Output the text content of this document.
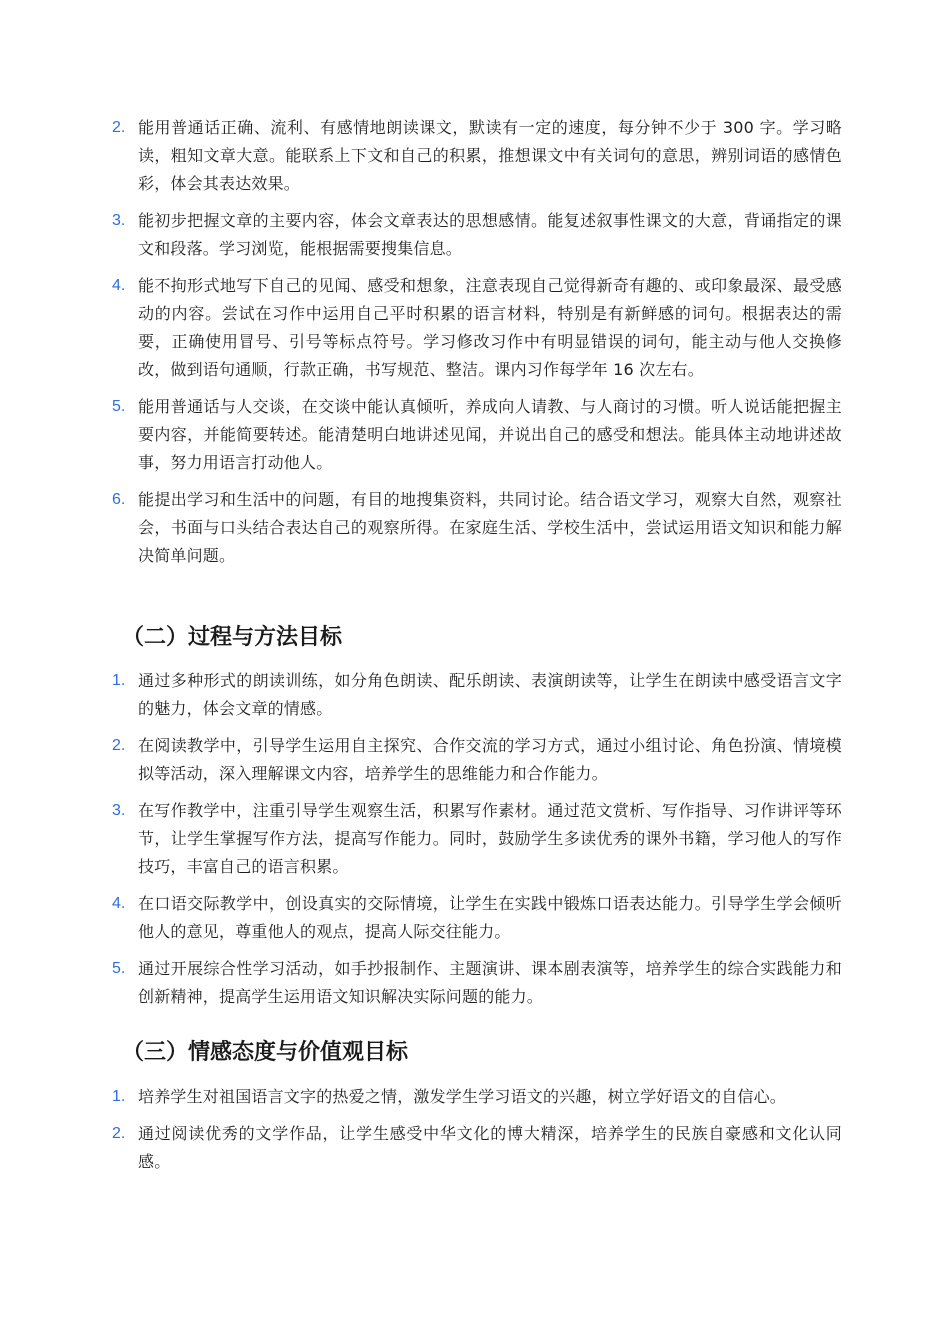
2. 能用普通话正确、流利、有感情地朗读课文，默读有一定的速度，每分钟不少于 300 字。学习略读，粗知文章大意。能联系上下文和自己的积累，推想课文中有关词句的意思，辨别词语的感情色彩，体会其表达效果。
3. 能初步把握文章的主要内容，体会文章表达的思想感情。能复述叙事性课文的大意，背诵指定的课文和段落。学习浏览，能根据需要搜集信息。
4. 能不拘形式地写下自己的见闻、感受和想象，注意表现自己觉得新奇有趣的、或印象最深、最受感动的内容。尝试在习作中运用自己平时积累的语言材料，特别是有新鲜感的词句。根据表达的需要，正确使用冒号、引号等标点符号。学习修改习作中有明显错误的词句，能主动与他人交换修改，做到语句通顺，行款正确，书写规范、整洁。课内习作每学年 16 次左右。
5. 能用普通话与人交谈，在交谈中能认真倾听，养成向人请教、与人商讨的习惯。听人说话能把握主要内容，并能简要转述。能清楚明白地讲述见闻，并说出自己的感受和想法。能具体主动地讲述故事，努力用语言打动他人。
6. 能提出学习和生活中的问题，有目的地搜集资料，共同讨论。结合语文学习，观察大自然，观察社会，书面与口头结合表达自己的观察所得。在家庭生活、学校生活中，尝试运用语文知识和能力解决简单问题。
（二）过程与方法目标
1. 通过多种形式的朗读训练，如分角色朗读、配乐朗读、表演朗读等，让学生在朗读中感受语言文字的魅力，体会文章的情感。
2. 在阅读教学中，引导学生运用自主探究、合作交流的学习方式，通过小组讨论、角色扮演、情境模拟等活动，深入理解课文内容，培养学生的思维能力和合作能力。
3. 在写作教学中，注重引导学生观察生活，积累写作素材。通过范文赏析、写作指导、习作讲评等环节，让学生掌握写作方法，提高写作能力。同时，鼓励学生多读优秀的课外书籍，学习他人的写作技巧，丰富自己的语言积累。
4. 在口语交际教学中，创设真实的交际情境，让学生在实践中锻炼口语表达能力。引导学生学会倾听他人的意见，尊重他人的观点，提高人际交往能力。
5. 通过开展综合性学习活动，如手抄报制作、主题演讲、课本剧表演等，培养学生的综合实践能力和创新精神，提高学生运用语文知识解决实际问题的能力。
（三）情感态度与价值观目标
1. 培养学生对祖国语言文字的热爱之情，激发学生学习语文的兴趣，树立学好语文的自信心。
2. 通过阅读优秀的文学作品，让学生感受中华文化的博大精深，培养学生的民族自豪感和文化认同感。
